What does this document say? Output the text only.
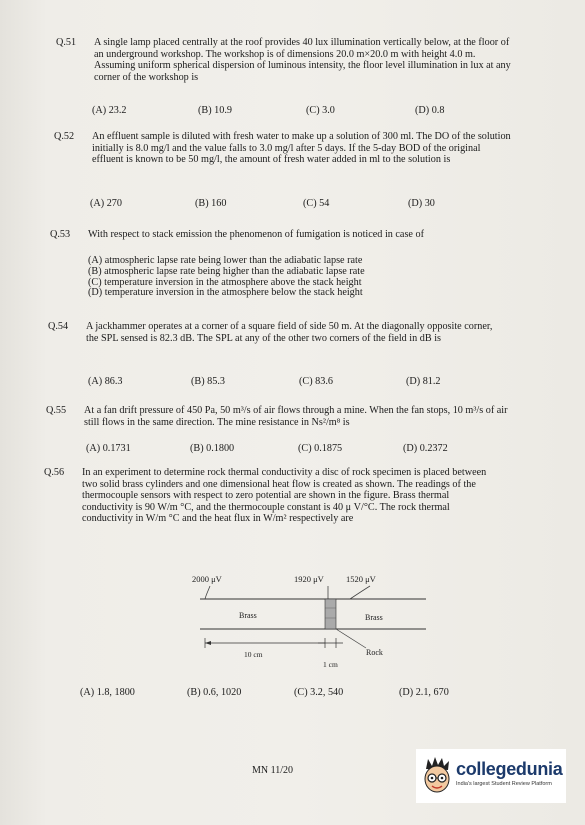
Q.51 A single lamp placed centrally at the roof provides 40 lux illumination vertically below, at the floor of an underground workshop. The workshop is of dimensions 20.0 m×20.0 m with height 4.0 m. Assuming uniform spherical dispersion of luminous intensity, the floor level illumination in lux at any corner of the workshop is
(A) 23.2	(B) 10.9	(C) 3.0	(D) 0.8
Q.52 An effluent sample is diluted with fresh water to make up a solution of 300 ml. The DO of the solution initially is 8.0 mg/l and the value falls to 3.0 mg/l after 5 days. If the 5-day BOD of the original effluent is known to be 50 mg/l, the amount of fresh water added in ml to the solution is
(A) 270	(B) 160	(C) 54	(D) 30
Q.53 With respect to stack emission the phenomenon of fumigation is noticed in case of
(A) atmospheric lapse rate being lower than the adiabatic lapse rate
(B) atmospheric lapse rate being higher than the adiabatic lapse rate
(C) temperature inversion in the atmosphere above the stack height
(D) temperature inversion in the atmosphere below the stack height
Q.54 A jackhammer operates at a corner of a square field of side 50 m. At the diagonally opposite corner, the SPL sensed is 82.3 dB. The SPL at any of the other two corners of the field in dB is
(A) 86.3	(B) 85.3	(C) 83.6	(D) 81.2
Q.55 At a fan drift pressure of 450 Pa, 50 m³/s of air flows through a mine. When the fan stops, 10 m³/s of air still flows in the same direction. The mine resistance in Ns²/m⁸ is
(A) 0.1731	(B) 0.1800	(C) 0.1875	(D) 0.2372
Q.56 In an experiment to determine rock thermal conductivity a disc of rock specimen is placed between two solid brass cylinders and one dimensional heat flow is created as shown. The readings of the thermocouple sensors with respect to zero potential are shown in the figure. Brass thermal conductivity is 90 W/m °C, and the thermocouple constant is 40 μ V/°C. The rock thermal conductivity in W/m °C and the heat flux in W/m² respectively are
2000 μV	1920 μV	1520 μV
Brass	Brass
Rock
10 cm
1 cm
(A) 1.8, 1800	(B) 0.6, 1020	(C) 3.2, 540	(D) 2.1, 670
MN 11/20	collegedunia
India's largest Student Review Platform
